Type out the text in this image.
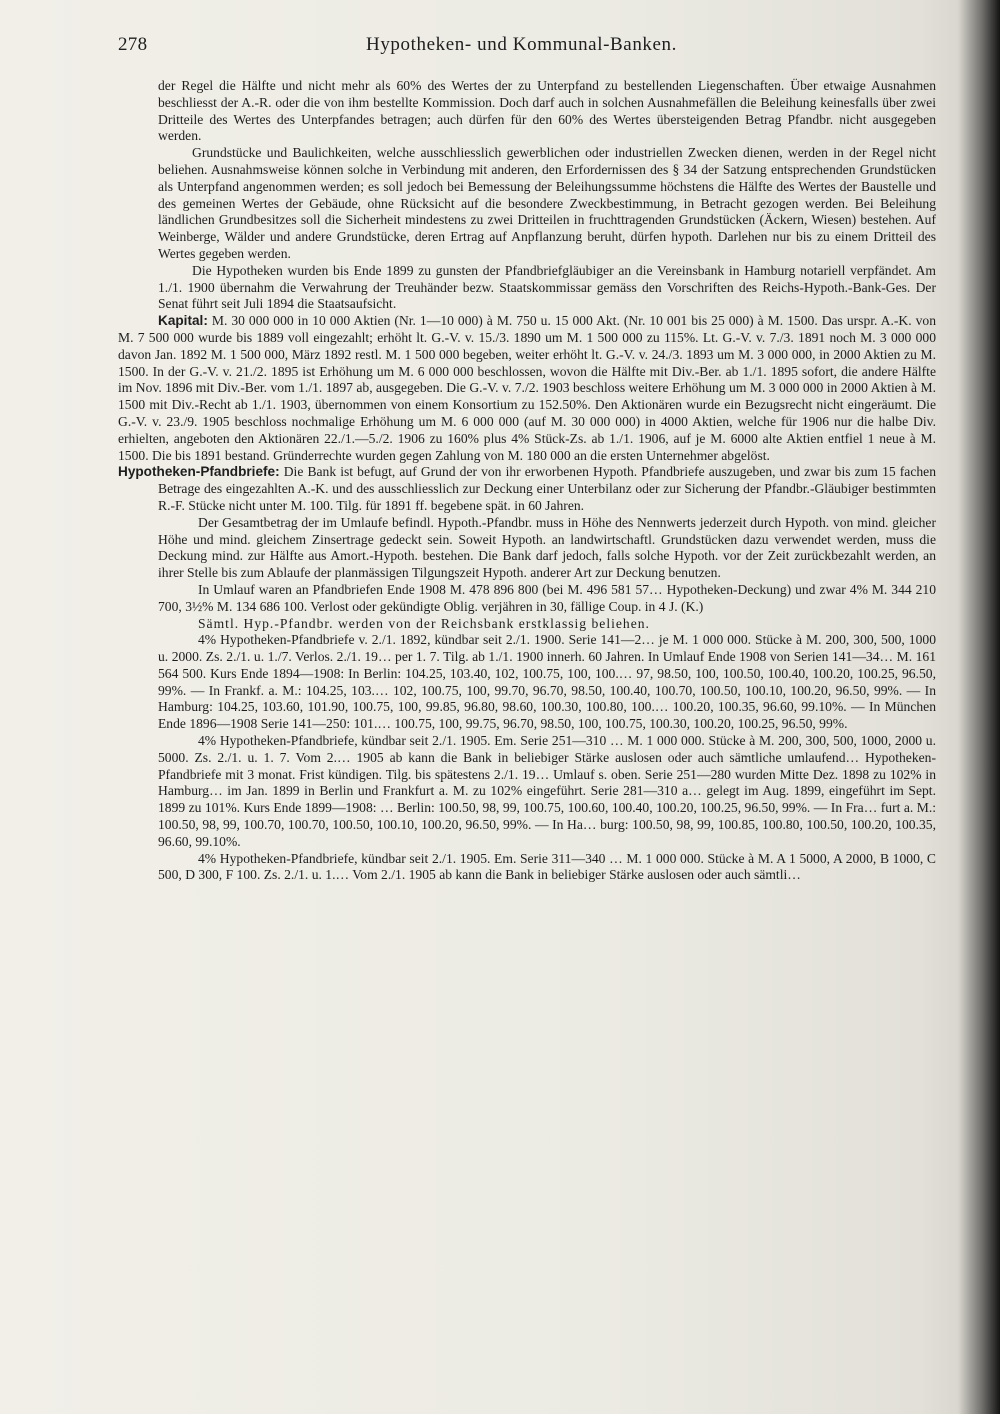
278	Hypotheken- und Kommunal-Banken.

der Regel die Hälfte und nicht mehr als 60% des Wertes der zu Unterpfand zu bestellenden Liegenschaften. Über etwaige Ausnahmen beschliesst der A.-R. oder die von ihm bestellte Kommission. Doch darf auch in solchen Ausnahmefällen die Beleihung keinesfalls über zwei Dritteile des Wertes des Unterpfandes betragen; auch dürfen für den 60% des Wertes übersteigenden Betrag Pfandbr. nicht ausgegeben werden.

Grundstücke und Baulichkeiten, welche ausschliesslich gewerblichen oder industriellen Zwecken dienen, werden in der Regel nicht beliehen. Ausnahmsweise können solche in Verbindung mit anderen, den Erfordernissen des § 34 der Satzung entsprechenden Grundstücken als Unterpfand angenommen werden; es soll jedoch bei Bemessung der Beleihungssumme höchstens die Hälfte des Wertes der Baustelle und des gemeinen Wertes der Gebäude, ohne Rücksicht auf die besondere Zweckbestimmung, in Betracht gezogen werden. Bei Beleihung ländlichen Grundbesitzes soll die Sicherheit mindestens zu zwei Dritteilen in fruchttragenden Grundstücken (Äckern, Wiesen) bestehen. Auf Weinberge, Wälder und andere Grundstücke, deren Ertrag auf Anpflanzung beruht, dürfen hypoth. Darlehen nur bis zu einem Dritteil des Wertes gegeben werden.

Die Hypotheken wurden bis Ende 1899 zu gunsten der Pfandbriefgläubiger an die Vereinsbank in Hamburg notariell verpfändet. Am 1./1. 1900 übernahm die Verwahrung der Treuhänder bezw. Staatskommissar gemäss den Vorschriften des Reichs-Hypoth.-Bank-Ges. Der Senat führt seit Juli 1894 die Staatsaufsicht.

Kapital: M. 30 000 000 in 10 000 Aktien (Nr. 1—10 000) à M. 750 u. 15 000 Akt. (Nr. 10 001 bis 25 000) à M. 1500. Das urspr. A.-K. von M. 7 500 000 wurde bis 1889 voll eingezahlt; erhöht lt. G.-V. v. 15./3. 1890 um M. 1 500 000 zu 115%. Lt. G.-V. v. 7./3. 1891 noch M. 3 000 000 davon Jan. 1892 M. 1 500 000, März 1892 restl. M. 1 500 000 begeben, weiter erhöht lt. G.-V. v. 24./3. 1893 um M. 3 000 000, in 2000 Aktien zu M. 1500. In der G.-V. v. 21./2. 1895 ist Erhöhung um M. 6 000 000 beschlossen, wovon die Hälfte mit Div.-Ber. ab 1./1. 1895 sofort, die andere Hälfte im Nov. 1896 mit Div.-Ber. vom 1./1. 1897 ab, ausgegeben. Die G.-V. v. 7./2. 1903 beschloss weitere Erhöhung um M. 3 000 000 in 2000 Aktien à M. 1500 mit Div.-Recht ab 1./1. 1903, übernommen von einem Konsortium zu 152.50%. Den Aktionären wurde ein Bezugsrecht nicht eingeräumt. Die G.-V. v. 23./9. 1905 beschloss nochmalige Erhöhung um M. 6 000 000 (auf M. 30 000 000) in 4000 Aktien, welche für 1906 nur die halbe Div. erhielten, angeboten den Aktionären 22./1.—5./2. 1906 zu 160% plus 4% Stück-Zs. ab 1./1. 1906, auf je M. 6000 alte Aktien entfiel 1 neue à M. 1500. Die bis 1891 bestand. Gründerrechte wurden gegen Zahlung von M. 180 000 an die ersten Unternehmer abgelöst.

Hypotheken-Pfandbriefe: Die Bank ist befugt, auf Grund der von ihr erworbenen Hypoth. Pfandbriefe auszugeben, und zwar bis zum 15 fachen Betrage des eingezahlten A.-K. und des ausschliesslich zur Deckung einer Unterbilanz oder zur Sicherung der Pfandbr.-Gläubiger bestimmten R.-F. Stücke nicht unter M. 100. Tilg. für 1891 ff. begebene spät. in 60 Jahren.

Der Gesamtbetrag der im Umlaufe befindl. Hypoth.-Pfandbr. muss in Höhe des Nennwerts jederzeit durch Hypoth. von mind. gleicher Höhe und mind. gleichem Zinsertrage gedeckt sein. Soweit Hypoth. an landwirtschaftl. Grundstücken dazu verwendet werden, muss die Deckung mind. zur Hälfte aus Amort.-Hypoth. bestehen. Die Bank darf jedoch, falls solche Hypoth. vor der Zeit zurückbezahlt werden, an ihrer Stelle bis zum Ablaufe der planmässigen Tilgungszeit Hypoth. anderer Art zur Deckung benutzen.

In Umlauf waren an Pfandbriefen Ende 1908 M. 478 896 800 (bei M. 496 581 57… Hypotheken-Deckung) und zwar 4% M. 344 210 700, 3½% M. 134 686 100. Verlost oder gekündigte Oblig. verjähren in 30, fällige Coup. in 4 J. (K.)

Sämtl. Hyp.-Pfandbr. werden von der Reichsbank erstklassig beliehen.

4% Hypotheken-Pfandbriefe v. 2./1. 1892, kündbar seit 2./1. 1900. Serie 141—2… je M. 1 000 000. Stücke à M. 200, 300, 500, 1000 u. 2000. Zs. 2./1. u. 1./7. Verlos. 2./1. 19… per 1. 7. Tilg. ab 1./1. 1900 innerh. 60 Jahren. In Umlauf Ende 1908 von Serien 141—34… M. 161 564 500. Kurs Ende 1894—1908: In Berlin: 104.25, 103.40, 102, 100.75, 100, 100.… 97, 98.50, 100, 100.50, 100.40, 100.20, 100.25, 96.50, 99%. — In Frankf. a. M.: 104.25, 103.… 102, 100.75, 100, 99.70, 96.70, 98.50, 100.40, 100.70, 100.50, 100.10, 100.20, 96.50, 99%. — In Hamburg: 104.25, 103.60, 101.90, 100.75, 100, 99.85, 96.80, 98.60, 100.30, 100.80, 100.… 100.20, 100.35, 96.60, 99.10%. — In München Ende 1896—1908 Serie 141—250: 101.… 100.75, 100, 99.75, 96.70, 98.50, 100, 100.75, 100.30, 100.20, 100.25, 96.50, 99%.

4% Hypotheken-Pfandbriefe, kündbar seit 2./1. 1905. Em. Serie 251—310 … M. 1 000 000. Stücke à M. 200, 300, 500, 1000, 2000 u. 5000. Zs. 2./1. u. 1. 7. Vom 2.… 1905 ab kann die Bank in beliebiger Stärke auslosen oder auch sämtliche umlaufend… Hypotheken-Pfandbriefe mit 3 monat. Frist kündigen. Tilg. bis spätestens 2./1. 19… Umlauf s. oben. Serie 251—280 wurden Mitte Dez. 1898 zu 102% in Hamburg… im Jan. 1899 in Berlin und Frankfurt a. M. zu 102% eingeführt. Serie 281—310 a… gelegt im Aug. 1899, eingeführt im Sept. 1899 zu 101%. Kurs Ende 1899—1908: … Berlin: 100.50, 98, 99, 100.75, 100.60, 100.40, 100.20, 100.25, 96.50, 99%. — In Fra… furt a. M.: 100.50, 98, 99, 100.70, 100.70, 100.50, 100.10, 100.20, 96.50, 99%. — In Ha… burg: 100.50, 98, 99, 100.85, 100.80, 100.50, 100.20, 100.35, 96.60, 99.10%.

4% Hypotheken-Pfandbriefe, kündbar seit 2./1. 1905. Em. Serie 311—340 … M. 1 000 000. Stücke à M. A 1 5000, A 2000, B 1000, C 500, D 300, F 100. Zs. 2./1. u. 1.… Vom 2./1. 1905 ab kann die Bank in beliebiger Stärke auslosen oder auch sämtli…
